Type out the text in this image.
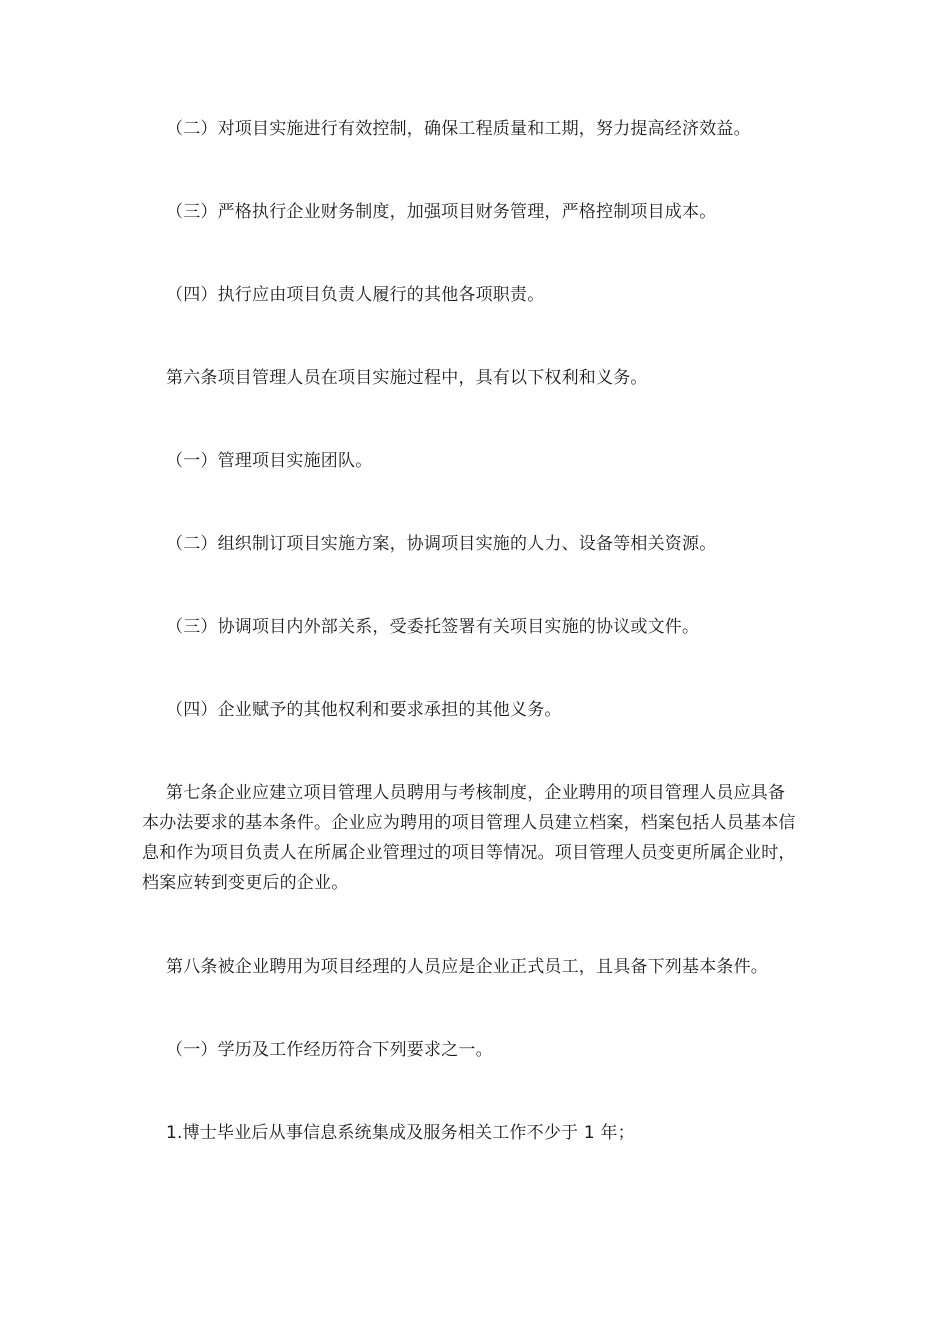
（二）对项目实施进行有效控制，确保工程质量和工期，努力提高经济效益。

（三）严格执行企业财务制度，加强项目财务管理，严格控制项目成本。

（四）执行应由项目负责人履行的其他各项职责。

第六条项目管理人员在项目实施过程中，具有以下权利和义务。

（一）管理项目实施团队。

（二）组织制订项目实施方案，协调项目实施的人力、设备等相关资源。

（三）协调项目内外部关系，受委托签署有关项目实施的协议或文件。

（四）企业赋予的其他权利和要求承担的其他义务。

第七条企业应建立项目管理人员聘用与考核制度，企业聘用的项目管理人员应具备本办法要求的基本条件。企业应为聘用的项目管理人员建立档案，档案包括人员基本信息和作为项目负责人在所属企业管理过的项目等情况。项目管理人员变更所属企业时，档案应转到变更后的企业。

第八条被企业聘用为项目经理的人员应是企业正式员工，且具备下列基本条件。

（一）学历及工作经历符合下列要求之一。

1.博士毕业后从事信息系统集成及服务相关工作不少于 1 年；
